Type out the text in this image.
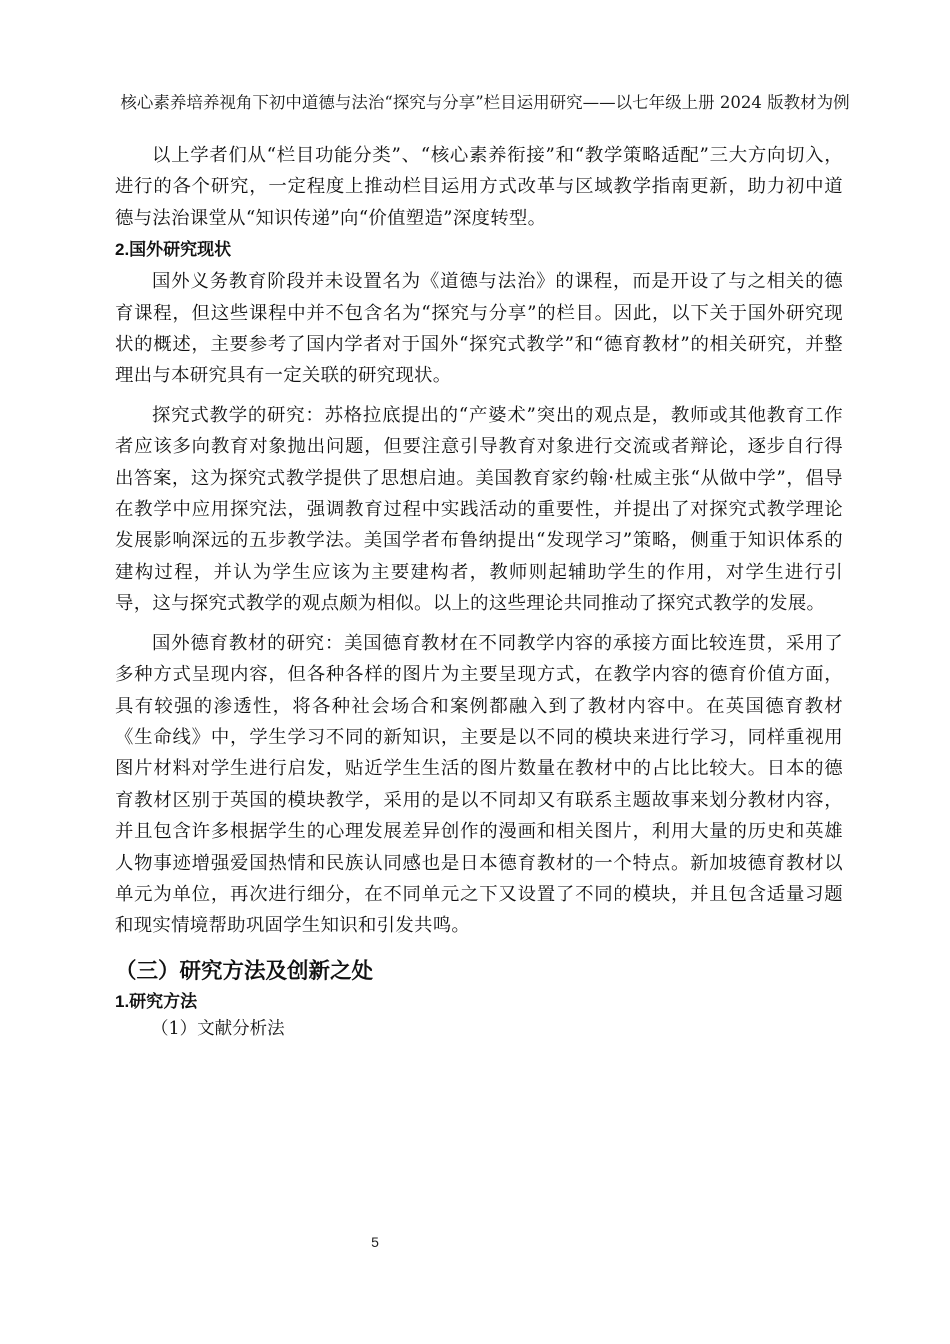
核心素养培养视角下初中道德与法治“探究与分享”栏目运用研究——以七年级上册 2024 版教材为例

以上学者们从“栏目功能分类”、“核心素养衔接”和“教学策略适配”三大方向切入，进行的各个研究，一定程度上推动栏目运用方式改革与区域教学指南更新，助力初中道德与法治课堂从“知识传递”向“价值塑造”深度转型。

2.国外研究现状

国外义务教育阶段并未设置名为《道德与法治》的课程，而是开设了与之相关的德育课程，但这些课程中并不包含名为“探究与分享”的栏目。因此，以下关于国外研究现状的概述，主要参考了国内学者对于国外“探究式教学”和“德育教材”的相关研究，并整理出与本研究具有一定关联的研究现状。

探究式教学的研究：苏格拉底提出的“产婆术”突出的观点是，教师或其他教育工作者应该多向教育对象抛出问题，但要注意引导教育对象进行交流或者辩论，逐步自行得出答案，这为探究式教学提供了思想启迪。美国教育家约翰·杜威主张“从做中学”，倡导在教学中应用探究法，强调教育过程中实践活动的重要性，并提出了对探究式教学理论发展影响深远的五步教学法。美国学者布鲁纳提出“发现学习”策略，侧重于知识体系的建构过程，并认为学生应该为主要建构者，教师则起辅助学生的作用，对学生进行引导，这与探究式教学的观点颇为相似。以上的这些理论共同推动了探究式教学的发展。

国外德育教材的研究：美国德育教材在不同教学内容的承接方面比较连贯，采用了多种方式呈现内容，但各种各样的图片为主要呈现方式，在教学内容的德育价值方面，具有较强的渗透性，将各种社会场合和案例都融入到了教材内容中。在英国德育教材《生命线》中，学生学习不同的新知识，主要是以不同的模块来进行学习，同样重视用图片材料对学生进行启发，贴近学生生活的图片数量在教材中的占比比较大。日本的德育教材区别于英国的模块教学，采用的是以不同却又有联系主题故事来划分教材内容，并且包含许多根据学生的心理发展差异创作的漫画和相关图片，利用大量的历史和英雄人物事迹增强爱国热情和民族认同感也是日本德育教材的一个特点。新加坡德育教材以单元为单位，再次进行细分，在不同单元之下又设置了不同的模块，并且包含适量习题和现实情境帮助巩固学生知识和引发共鸣。

（三）研究方法及创新之处

1.研究方法

（1）文献分析法

5
